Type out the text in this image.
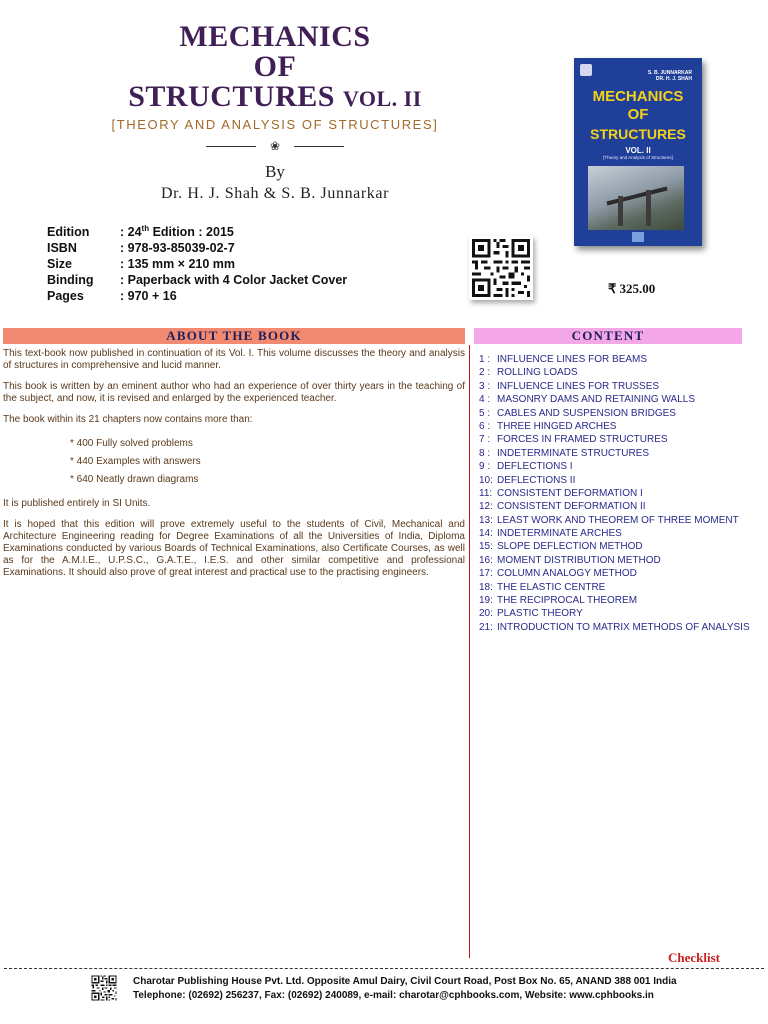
MECHANICS
OF
STRUCTURES VOL. II
[THEORY AND ANALYSIS OF STRUCTURES]
❀
By
Dr. H. J. Shah & S. B. Junnarkar
S. B. JUNNARKAR
DR. H. J. SHAH
MECHANICS
OF
STRUCTURES
VOL. II
[Theory and Analysis of Structures]
₹ 325.00
Edition	: 24th Edition : 2015
ISBN	: 978-93-85039-02-7
Size	: 135 mm × 210 mm
Binding	: Paperback with 4 Color Jacket Cover
Pages	: 970 + 16
ABOUT THE BOOK	CONTENT

This text-book now published in continuation of its Vol. I. This volume discusses the theory and analysis of structures in comprehensive and lucid manner.

This book is written by an eminent author who had an experience of over thirty years in the teaching of the subject, and now, it is revised and enlarged by the experienced teacher.

The book within its 21 chapters now contains more than:

* 400 Fully solved problems
* 440 Examples with answers
* 640 Neatly drawn diagrams

It is published entirely in SI Units.

It is hoped that this edition will prove extremely useful to the students of Civil, Mechanical and Architecture Engineering reading for Degree Examinations of all the Universities of India, Diploma Examinations conducted by various Boards of Technical Examinations, also Certificate Courses, as well as for the A.M.I.E., U.P.S.C., G.A.T.E., I.E.S. and other similar competitive and professional Examinations. It should also prove of great interest and practical use to the practising engineers.

1 : INFLUENCE LINES FOR BEAMS
2 : ROLLING LOADS
3 : INFLUENCE LINES FOR TRUSSES
4 : MASONRY DAMS AND RETAINING WALLS
5 : CABLES AND SUSPENSION BRIDGES
6 : THREE HINGED ARCHES
7 : FORCES IN FRAMED STRUCTURES
8 : INDETERMINATE STRUCTURES
9 : DEFLECTIONS I
10: DEFLECTIONS II
11: CONSISTENT DEFORMATION I
12: CONSISTENT DEFORMATION II
13: LEAST WORK AND THEOREM OF THREE MOMENT
14: INDETERMINATE ARCHES
15: SLOPE DEFLECTION METHOD
16: MOMENT DISTRIBUTION METHOD
17: COLUMN ANALOGY METHOD
18: THE ELASTIC CENTRE
19: THE RECIPROCAL THEOREM
20: PLASTIC THEORY
21: INTRODUCTION TO MATRIX METHODS OF ANALYSIS
Checklist
Charotar Publishing House Pvt. Ltd. Opposite Amul Dairy, Civil Court Road, Post Box No. 65, ANAND 388 001 India
Telephone: (02692) 256237, Fax: (02692) 240089, e-mail: charotar@cphbooks.com, Website: www.cphbooks.in
